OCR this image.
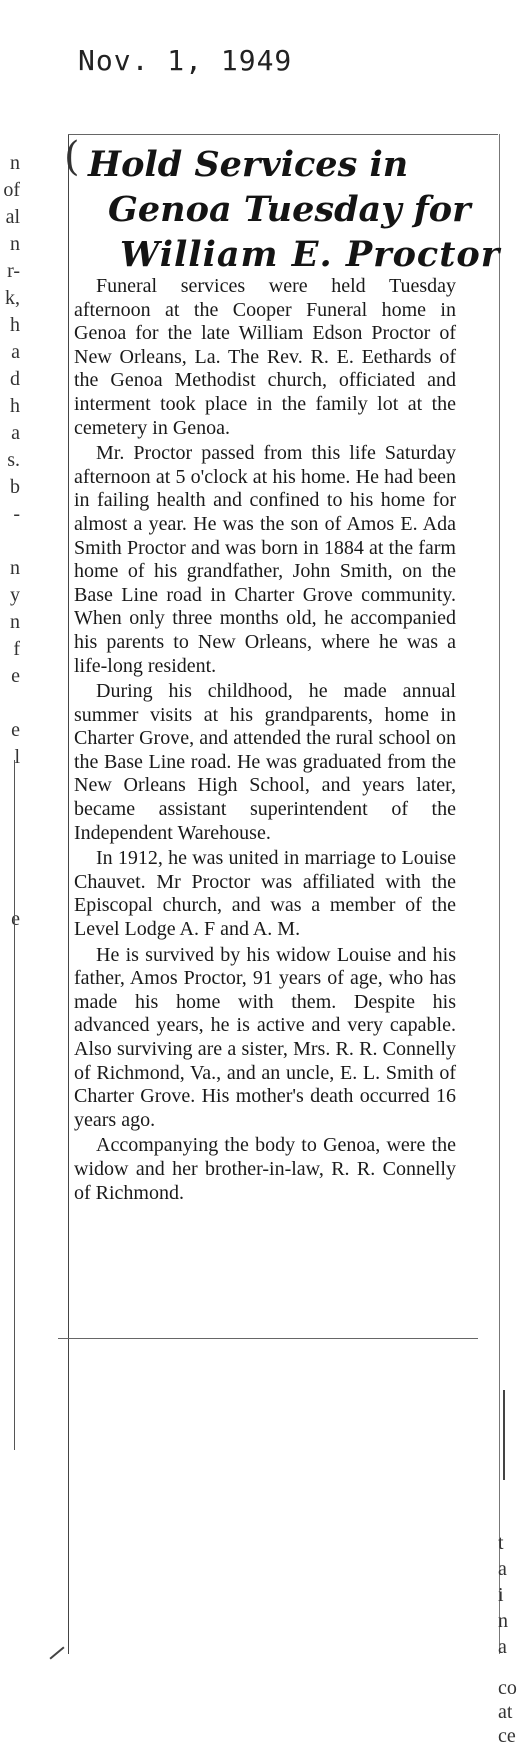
Nov. 1, 1949
( Hold Services in
Genoa Tuesday for
William E. Proctor

Funeral services were held Tuesday afternoon at the Cooper Funeral home in Genoa for the late William Edson Proctor of New Orleans, La. The Rev. R. E. Eethards of the Genoa Methodist church, officiated and interment took place in the family lot at the cemetery in Genoa.

Mr. Proctor passed from this life Saturday afternoon at 5 o'clock at his home. He had been in failing health and confined to his home for almost a year. He was the son of Amos E. Ada Smith Proctor and was born in 1884 at the farm home of his grandfather, John Smith, on the Base Line road in Charter Grove community. When only three months old, he accompanied his parents to New Orleans, where he was a life-long resident.

During his childhood, he made annual summer visits at his grandparents, home in Charter Grove, and attended the rural school on the Base Line road. He was graduated from the New Orleans High School, and years later, became assistant superintendent of the Independent Warehouse.

In 1912, he was united in marriage to Louise Chauvet. Mr Proctor was affiliated with the Episcopal church, and was a member of the Level Lodge A. F and A. M.

He is survived by his widow Louise and his father, Amos Proctor, 91 years of age, who has made his home with them. Despite his advanced years, he is active and very capable. Also surviving are a sister, Mrs. R. R. Connelly of Richmond, Va., and an uncle, E. L. Smith of Charter Grove. His mother's death occurred 16 years ago.

Accompanying the body to Genoa, were the widow and her brother-in-law, R. R. Connelly of Richmond.

n
of
al
n
r-
k,
h
a
d
h
a
s.
b
-

n
y
n
f
e

e
l

e

t
a
i
n
a
co
at
ce
